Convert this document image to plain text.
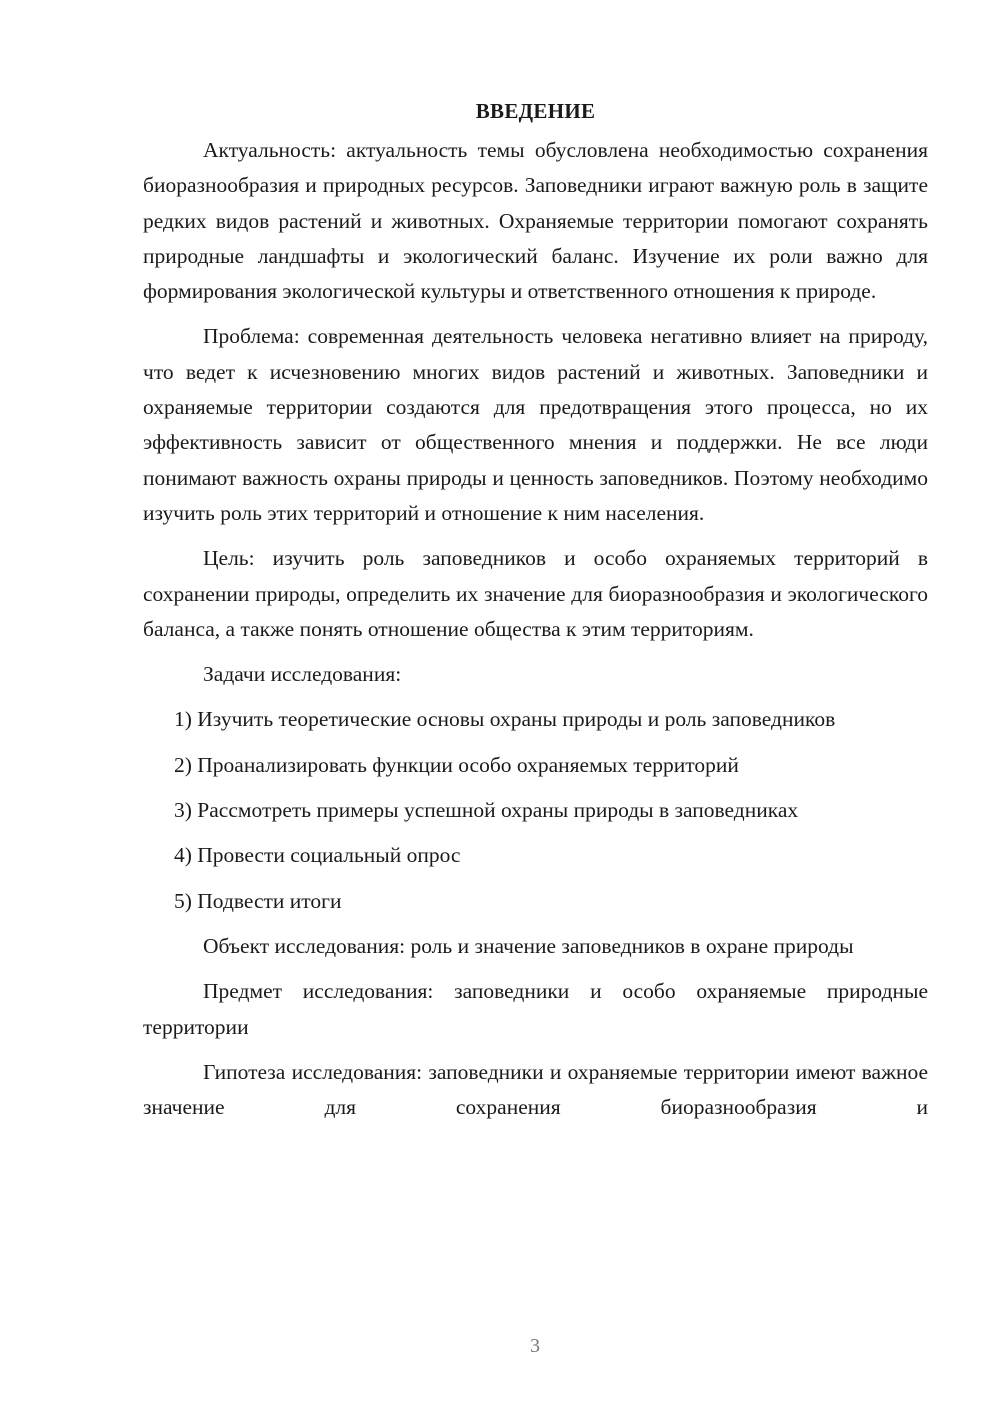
ВВЕДЕНИЕ

Актуальность: актуальность темы обусловлена необходимостью сохранения биоразнообразия и природных ресурсов. Заповедники играют важную роль в защите редких видов растений и животных. Охраняемые территории помогают сохранять природные ландшафты и экологический баланс. Изучение их роли важно для формирования экологической культуры и ответственного отношения к природе.

Проблема: современная деятельность человека негативно влияет на природу, что ведет к исчезновению многих видов растений и животных. Заповедники и охраняемые территории создаются для предотвращения этого процесса, но их эффективность зависит от общественного мнения и поддержки. Не все люди понимают важность охраны природы и ценность заповедников. Поэтому необходимо изучить роль этих территорий и отношение к ним населения.

Цель: изучить роль заповедников и особо охраняемых территорий в сохранении природы, определить их значение для биоразнообразия и экологического баланса, а также понять отношение общества к этим территориям.

Задачи исследования:

1) Изучить теоретические основы охраны природы и роль заповедников

2) Проанализировать функции особо охраняемых территорий

3) Рассмотреть примеры успешной охраны природы в заповедниках

4) Провести социальный опрос

5) Подвести итоги

Объект исследования: роль и значение заповедников в охране природы

Предмет исследования: заповедники и особо охраняемые природные территории

Гипотеза исследования: заповедники и охраняемые территории имеют важное значение для сохранения биоразнообразия и

3
